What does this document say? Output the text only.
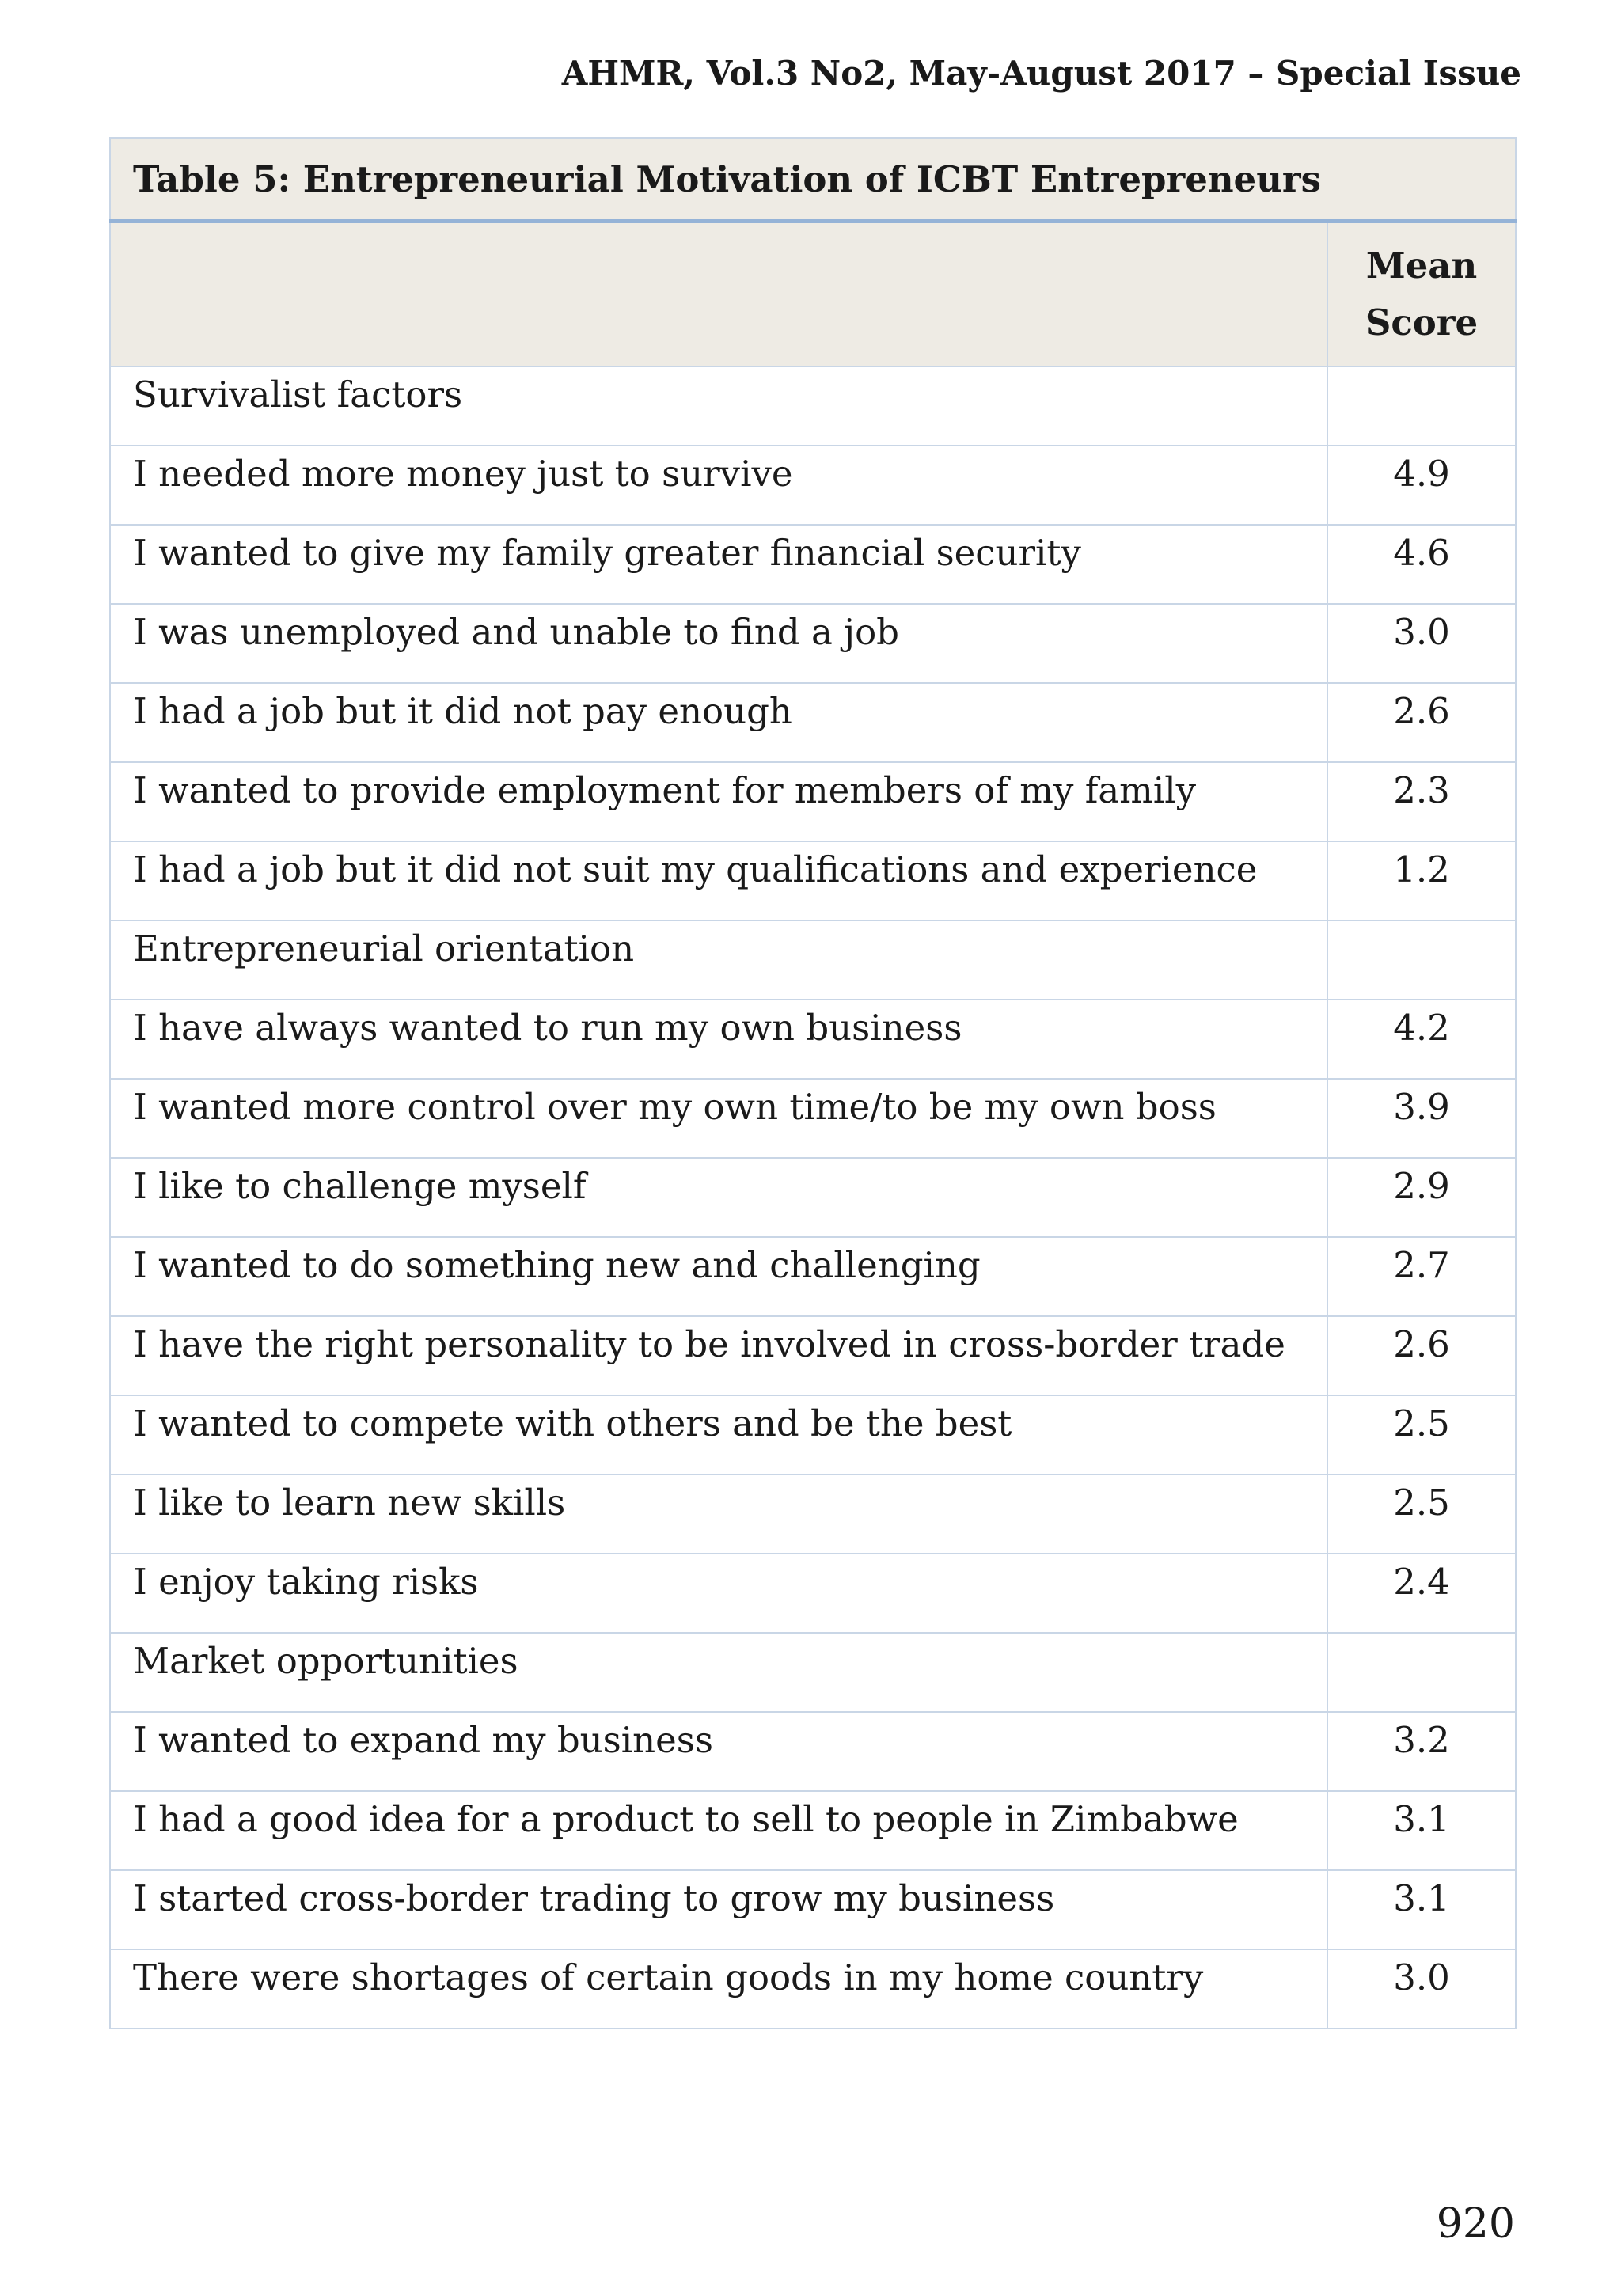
AHMR, Vol.3 No2, May-August 2017 – Special Issue
Table 5: Entrepreneurial Motivation of ICBT Entrepreneurs	

	Mean
Score

Survivalist factors	
I needed more money just to survive	4.9
I wanted to give my family greater financial security	4.6
I was unemployed and unable to find a job	3.0
I had a job but it did not pay enough	2.6
I wanted to provide employment for members of my family	2.3
I had a job but it did not suit my qualifications and experience	1.2
Entrepreneurial orientation	
I have always wanted to run my own business	4.2
I wanted more control over my own time/to be my own boss	3.9
I like to challenge myself	2.9
I wanted to do something new and challenging	2.7
I have the right personality to be involved in cross-border trade	2.6
I wanted to compete with others and be the best	2.5
I like to learn new skills	2.5
I enjoy taking risks	2.4
Market opportunities	
I wanted to expand my business	3.2
I had a good idea for a product to sell to people in Zimbabwe	3.1
I started cross-border trading to grow my business	3.1
There were shortages of certain goods in my home country	3.0
920
